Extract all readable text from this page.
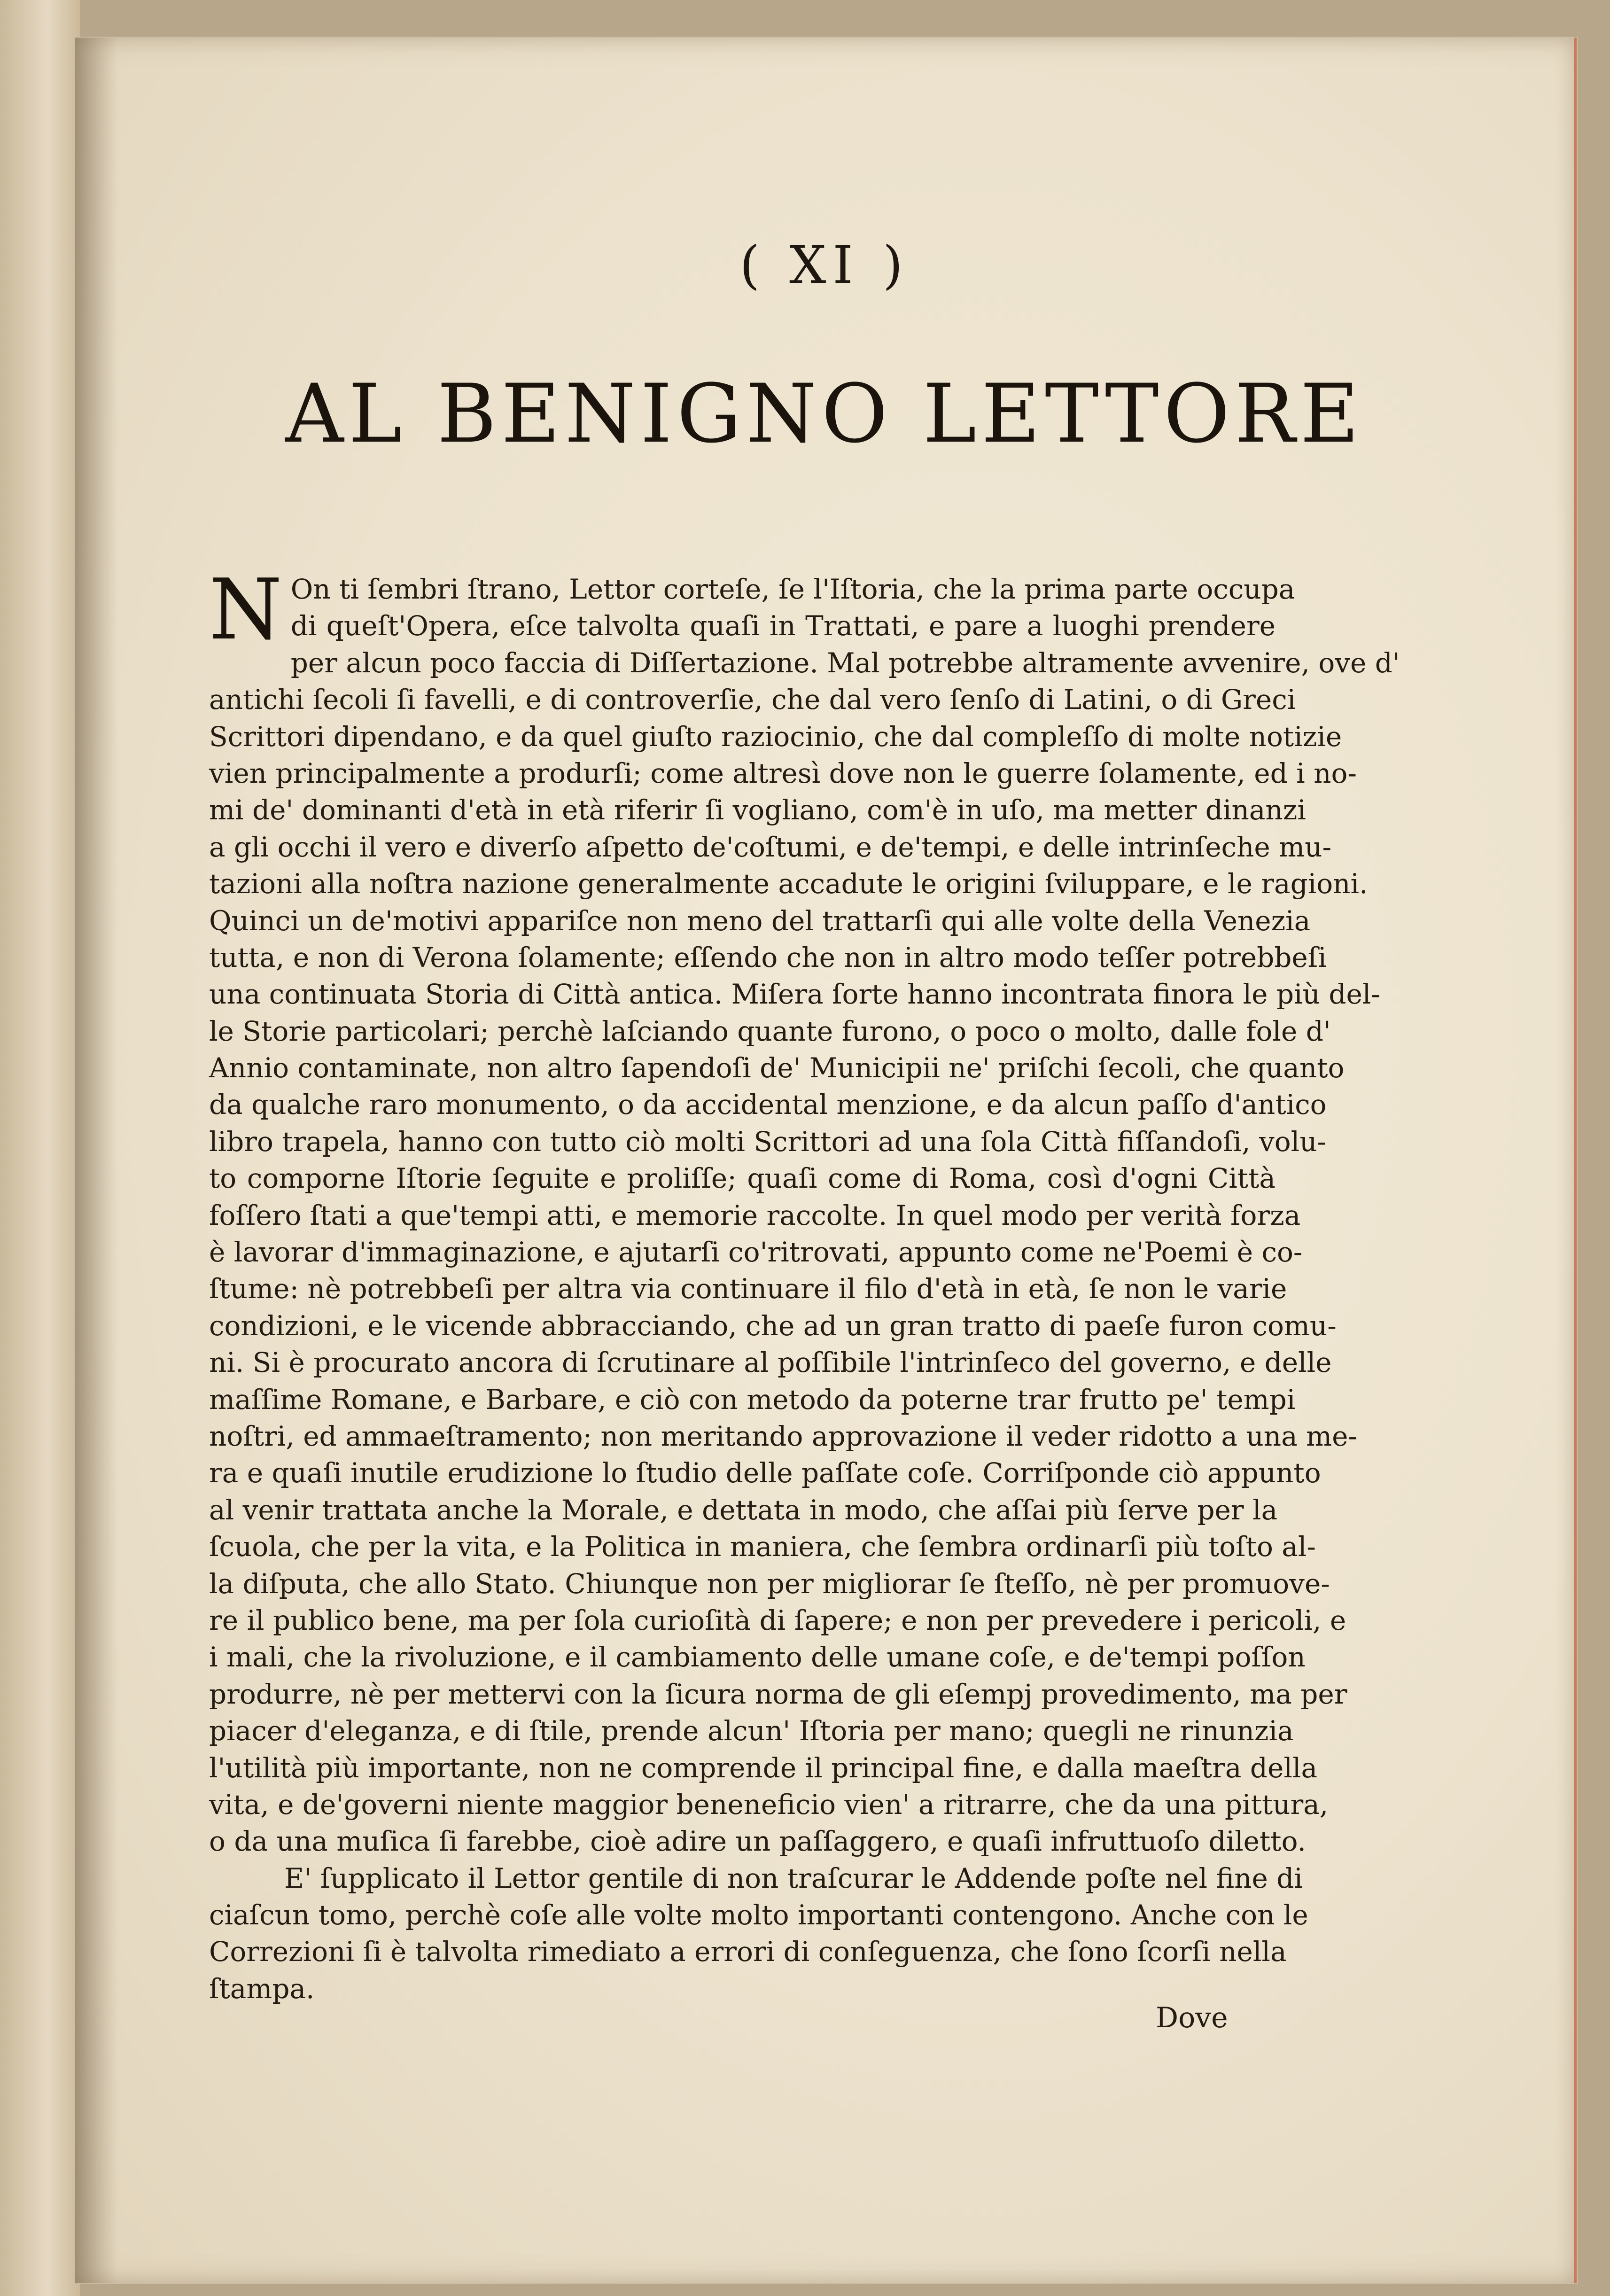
( XI )
AL BENIGNO LETTORE
N On ti ſembri ſtrano, Lettor corteſe, ſe l'Iſtoria, che la prima parte occupa
di queſt'Opera, eſce talvolta quaſi in Trattati, e pare a luoghi prendere
per alcun poco faccia di Diſſertazione. Mal potrebbe altramente avvenire, ove d'
antichi ſecoli ſi favelli, e di controverſie, che dal vero ſenſo di Latini, o di Greci
Scrittori dipendano, e da quel giuſto raziocinio, che dal compleſſo di molte notizie
vien principalmente a produrſi; come altresì dove non le guerre ſolamente, ed i no-
mi de' dominanti d'età in età riferir ſi vogliano, com'è in uſo, ma metter dinanzi
a gli occhi il vero e diverſo aſpetto de'coſtumi, e de'tempi, e delle intrinſeche mu-
tazioni alla noſtra nazione generalmente accadute le origini ſviluppare, e le ragioni.
Quinci un de'motivi appariſce non meno del trattarſi qui alle volte della Venezia
tutta, e non di Verona ſolamente; eſſendo che non in altro modo teſſer potrebbeſi
una continuata Storia di Città antica. Miſera ſorte hanno incontrata finora le più del-
le Storie particolari; perchè laſciando quante furono, o poco o molto, dalle fole d'
Annio contaminate, non altro ſapendoſi de' Municipii ne' priſchi ſecoli, che quanto
da qualche raro monumento, o da accidental menzione, e da alcun paſſo d'antico
libro trapela, hanno con tutto ciò molti Scrittori ad una ſola Città fiſſandoſi, volu-
to comporne Iſtorie ſeguite e proliſſe; quaſi come di Roma, così d'ogni Città
foſſero ſtati a que'tempi atti, e memorie raccolte. In quel modo per verità forza
è lavorar d'immaginazione, e ajutarſi co'ritrovati, appunto come ne'Poemi è co-
ſtume: nè potrebbeſi per altra via continuare il filo d'età in età, ſe non le varie
condizioni, e le vicende abbracciando, che ad un gran tratto di paeſe furon comu-
ni. Si è procurato ancora di ſcrutinare al poſſibile l'intrinſeco del governo, e delle
maſſime Romane, e Barbare, e ciò con metodo da poterne trar frutto pe' tempi
noſtri, ed ammaeſtramento; non meritando approvazione il veder ridotto a una me-
ra e quaſi inutile erudizione lo ſtudio delle paſſate coſe. Corriſponde ciò appunto
al venir trattata anche la Morale, e dettata in modo, che aſſai più ſerve per la
ſcuola, che per la vita, e la Politica in maniera, che ſembra ordinarſi più toſto al-
la diſputa, che allo Stato. Chiunque non per migliorar ſe ſteſſo, nè per promuove-
re il publico bene, ma per ſola curioſità di ſapere; e non per prevedere i pericoli, e
i mali, che la rivoluzione, e il cambiamento delle umane coſe, e de'tempi poſſon
produrre, nè per mettervi con la ſicura norma de gli eſempj provedimento, ma per
piacer d'eleganza, e di ſtile, prende alcun' Iſtoria per mano; quegli ne rinunzia
l'utilità più importante, non ne comprende il principal fine, e dalla maeſtra della
vita, e de'governi niente maggior beneneficio vien' a ritrarre, che da una pittura,
o da una muſica ſi farebbe, cioè adire un paſſaggero, e quaſi infruttuoſo diletto.
E' ſupplicato il Lettor gentile di non traſcurar le Addende poſte nel fine di
ciaſcun tomo, perchè coſe alle volte molto importanti contengono. Anche con le
Correzioni ſi è talvolta rimediato a errori di conſeguenza, che ſono ſcorſi nella
ſtampa.
Dove
